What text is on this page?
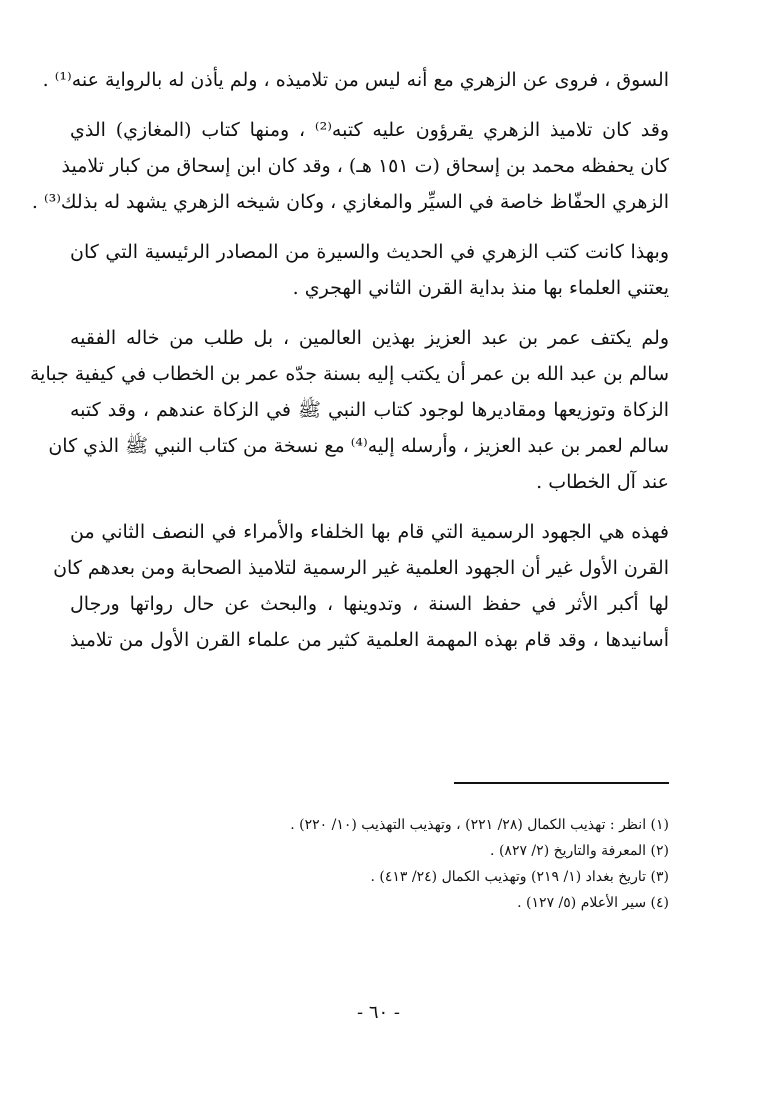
السوق ، فروى عن الزهري مع أنه ليس من تلاميذه ، ولم يأذن له بالرواية عنه⁽¹⁾ .

وقد كان تلاميذ الزهري يقرؤون عليه كتبه⁽²⁾ ، ومنها كتاب (المغازي) الذي
كان يحفظه محمد بن إسحاق (ت ١٥١ هـ) ، وقد كان ابن إسحاق من كبار تلاميذ
الزهري الحفّاظ خاصة في السيِّر والمغازي ، وكان شيخه الزهري يشهد له بذلك⁽³⁾ .

وبهذا كانت كتب الزهري في الحديث والسيرة من المصادر الرئيسية التي كان
يعتني العلماء بها منذ بداية القرن الثاني الهجري .

ولم يكتف عمر بن عبد العزيز بهذين العالمين ، بل طلب من خاله الفقيه
سالم بن عبد الله بن عمر أن يكتب إليه بسنة جدّه عمر بن الخطاب في كيفية جباية
الزكاة وتوزيعها ومقاديرها لوجود كتاب النبي ﷺ في الزكاة عندهم ، وقد كتبه
سالم لعمر بن عبد العزيز ، وأرسله إليه⁽⁴⁾ مع نسخة من كتاب النبي ﷺ الذي كان
عند آل الخطاب .

فهذه هي الجهود الرسمية التي قام بها الخلفاء والأمراء في النصف الثاني من
القرن الأول غير أن الجهود العلمية غير الرسمية لتلاميذ الصحابة ومن بعدهم كان
لها أكبر الأثر في حفظ السنة ، وتدوينها ، والبحث عن حال رواتها ورجال
أسانيدها ، وقد قام بهذه المهمة العلمية كثير من علماء القرن الأول من تلاميذ

(١) انظر : تهذيب الكمال (٢٨/ ٢٢١) ، وتهذيب التهذيب (١٠/ ٢٢٠) .
(٢) المعرفة والتاريخ (٢/ ٨٢٧) .
(٣) تاريخ بغداد (١/ ٢١٩) وتهذيب الكمال (٢٤/ ٤١٣) .
(٤) سير الأعلام (٥/ ١٢٧) .
- ٦٠ -
